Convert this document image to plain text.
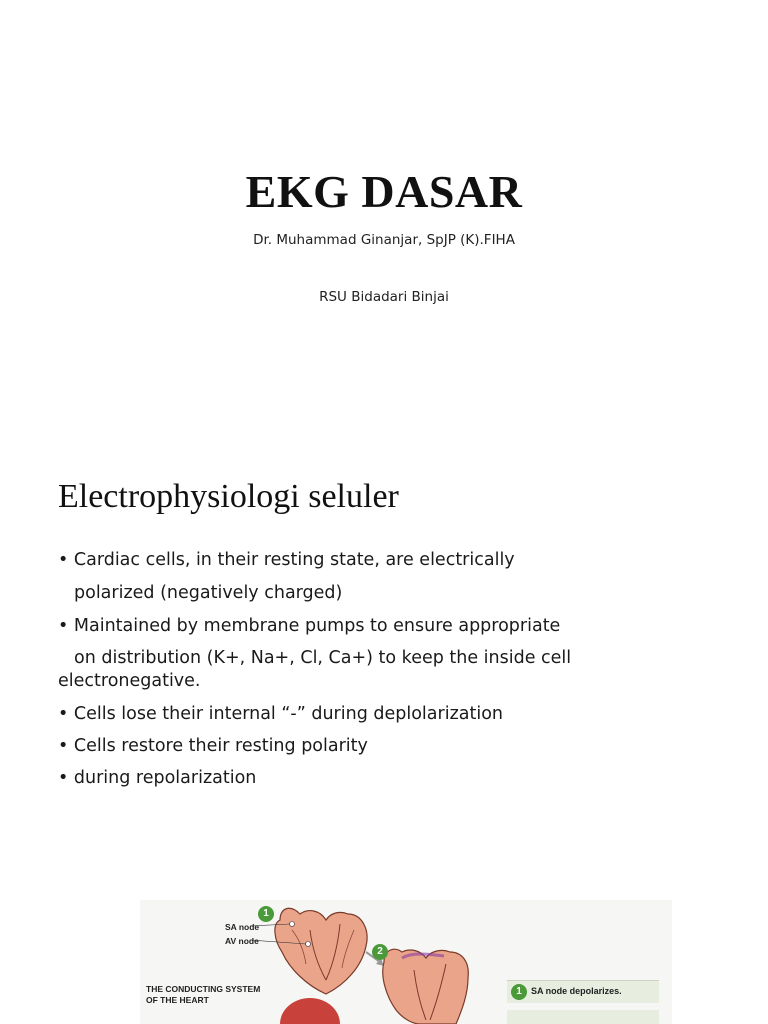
EKG DASAR
Dr. Muhammad Ginanjar, SpJP (K).FIHA
RSU Bidadari Binjai
Electrophysiologi seluler
• Cardiac cells, in their resting state, are electrically
polarized (negatively charged)
• Maintained by membrane pumps to ensure appropriate
on distribution (K+, Na+, Cl, Ca+) to keep the inside cell
electronegative.
• Cells lose their internal “-” during deplolarization
• Cells restore their resting polarity
• during repolarization
1
2
SA node
AV node
THE CONDUCTING SYSTEM
OF THE HEART
1	SA node depolarizes.
